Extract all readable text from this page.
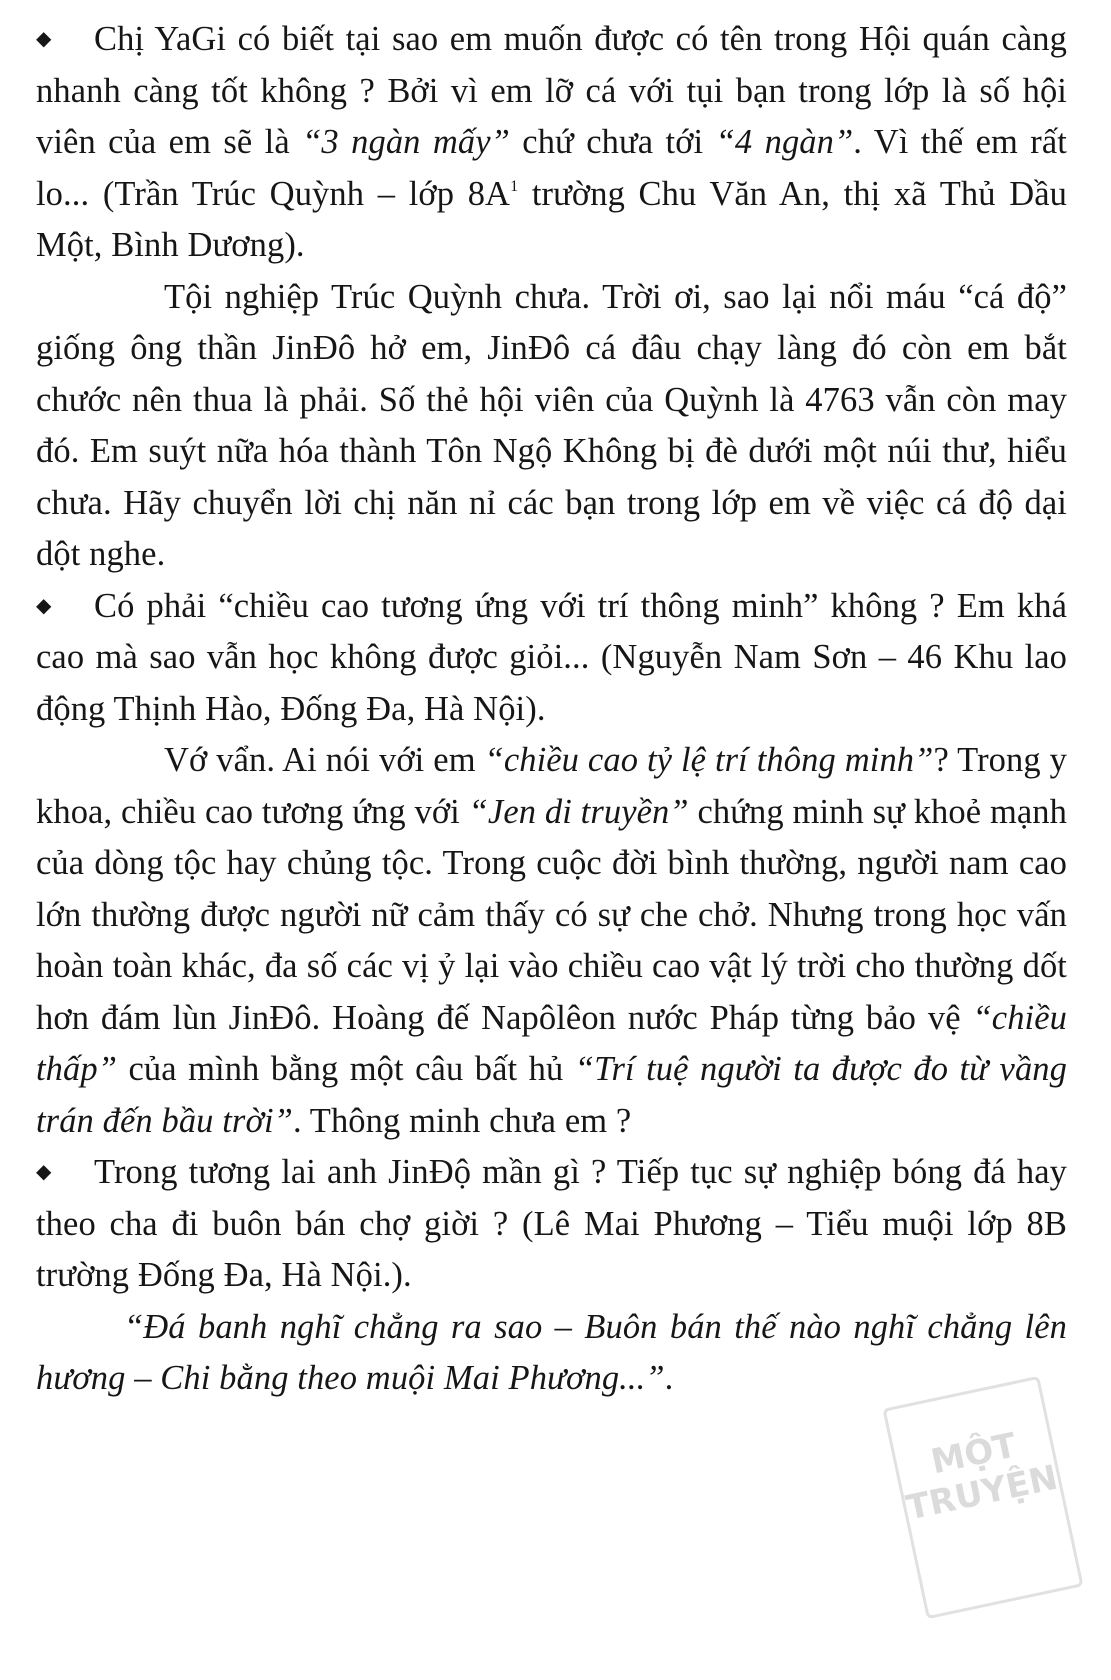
◆ Chị YaGi có biết tại sao em muốn được có tên trong Hội quán càng nhanh càng tốt không ? Bởi vì em lỡ cá với tụi bạn trong lớp là số hội viên của em sẽ là “3 ngàn mấy” chứ chưa tới “4 ngàn”. Vì thế em rất lo... (Trần Trúc Quỳnh – lớp $8A^1$ trường Chu Văn An, thị xã Thủ Dầu Một, Bình Dương).

Tội nghiệp Trúc Quỳnh chưa. Trời ơi, sao lại nổi máu “cá độ” giống ông thần JinĐô hở em, JinĐô cá đâu chạy làng đó còn em bắt chước nên thua là phải. Số thẻ hội viên của Quỳnh là 4763 vẫn còn may đó. Em suýt nữa hóa thành Tôn Ngộ Không bị đè dưới một núi thư, hiểu chưa. Hãy chuyển lời chị năn nỉ các bạn trong lớp em về việc cá độ dại dột nghe.

◆ Có phải “chiều cao tương ứng với trí thông minh” không ? Em khá cao mà sao vẫn học không được giỏi... (Nguyễn Nam Sơn – 46 Khu lao động Thịnh Hào, Đống Đa, Hà Nội).

Vớ vẩn. Ai nói với em “chiều cao tỷ lệ trí thông minh”? Trong y khoa, chiều cao tương ứng với “Jen di truyền” chứng minh sự khoẻ mạnh của dòng tộc hay chủng tộc. Trong cuộc đời bình thường, người nam cao lớn thường được người nữ cảm thấy có sự che chở. Nhưng trong học vấn hoàn toàn khác, đa số các vị ỷ lại vào chiều cao vật lý trời cho thường dốt hơn đám lùn JinĐô. Hoàng đế Napôlêon nước Pháp từng bảo vệ “chiều thấp” của mình bằng một câu bất hủ “Trí tuệ người ta được đo từ vầng trán đến bầu trời”. Thông minh chưa em ?

◆ Trong tương lai anh JinĐộ mần gì ? Tiếp tục sự nghiệp bóng đá hay theo cha đi buôn bán chợ giời ? (Lê Mai Phương – Tiểu muội lớp 8B trường Đống Đa, Hà Nội.).

“Đá banh nghĩ chẳng ra sao – Buôn bán thế nào nghĩ chẳng lên hương – Chi bằng theo muội Mai Phương...”.

MỘT TRUYỆN
